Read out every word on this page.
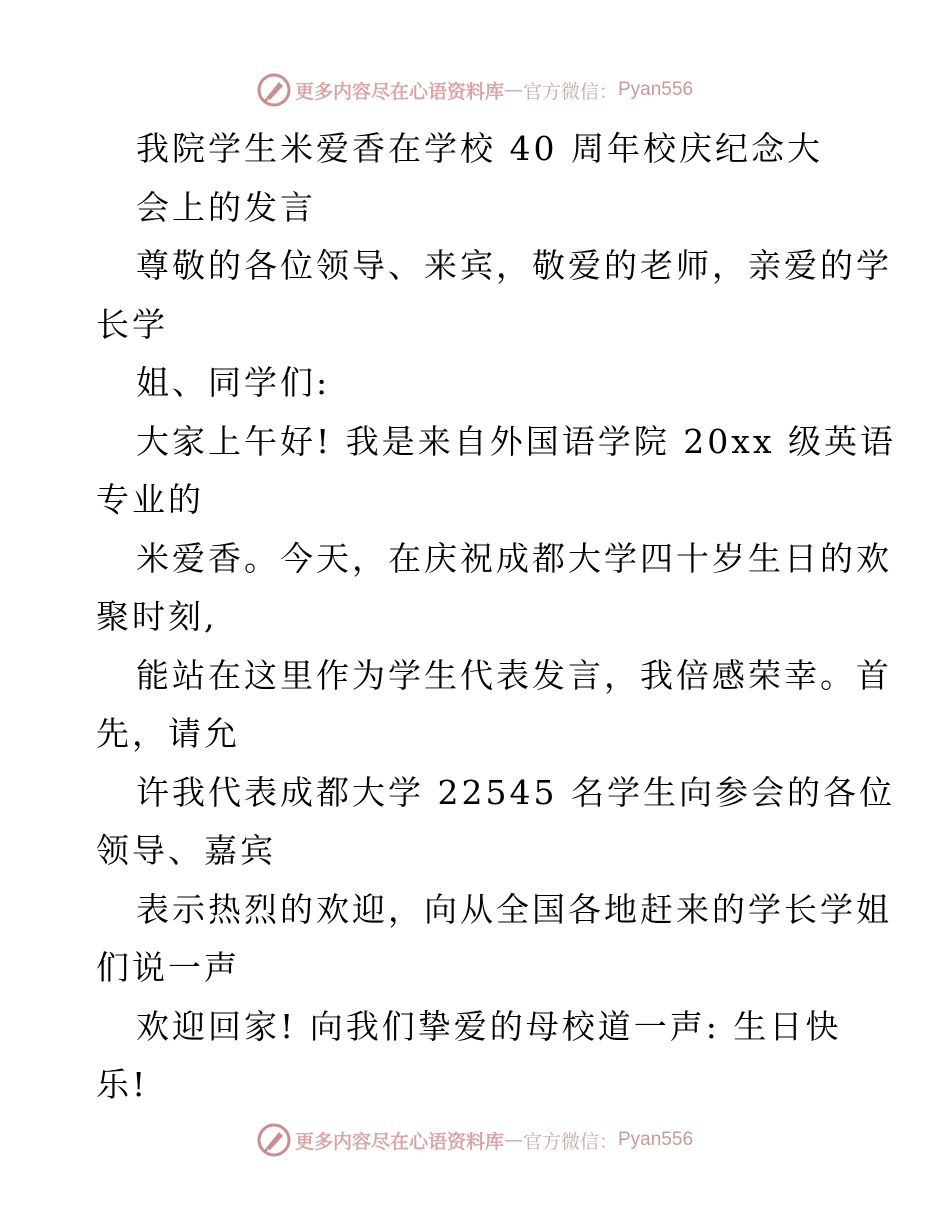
更多内容尽在心语资料库 — 官方微信： Pyan556
我院学生米爱香在学校 40 周年校庆纪念大
会上的发言
尊敬的各位领导、来宾，敬爱的老师，亲爱的学
长学
姐、同学们:
大家上午好! 我是来自外国语学院 20xx 级英语
专业的
米爱香。今天，在庆祝成都大学四十岁生日的欢
聚时刻,
能站在这里作为学生代表发言，我倍感荣幸。首
先，请允
许我代表成都大学 22545 名学生向参会的各位
领导、嘉宾
表示热烈的欢迎，向从全国各地赶来的学长学姐
们说一声
欢迎回家! 向我们挚爱的母校道一声: 生日快
乐!
更多内容尽在心语资料库 — 官方微信： Pyan556
